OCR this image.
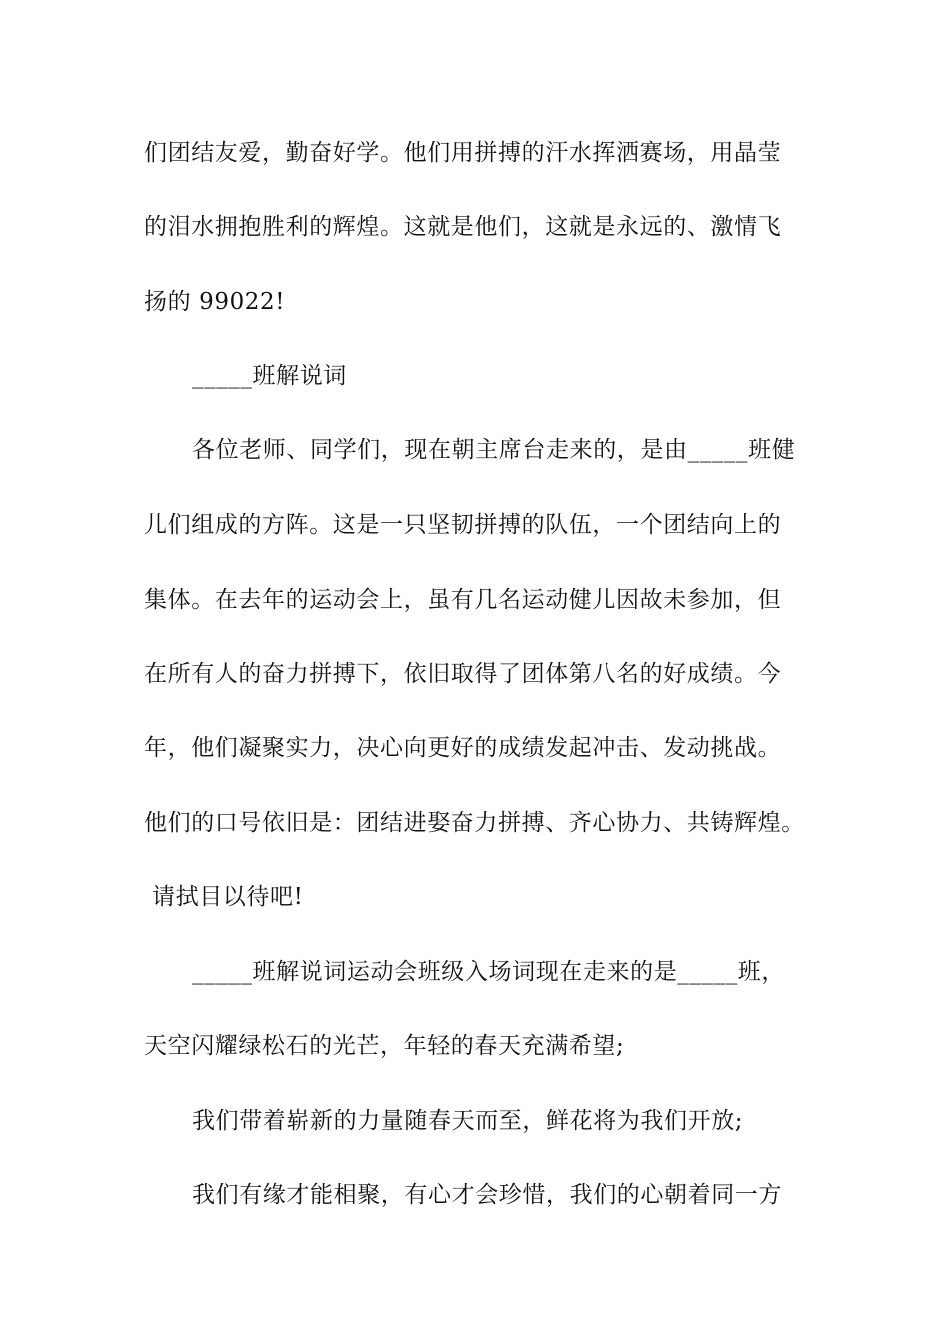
们团结友爱，勤奋好学。他们用拼搏的汗水挥洒赛场，用晶莹
的泪水拥抱胜利的辉煌。这就是他们，这就是永远的、激情飞
扬的 99022!
_____班解说词
各位老师、同学们，现在朝主席台走来的，是由_____班健
儿们组成的方阵。这是一只坚韧拼搏的队伍，一个团结向上的
集体。在去年的运动会上，虽有几名运动健儿因故未参加，但
在所有人的奋力拼搏下，依旧取得了团体第八名的好成绩。今
年，他们凝聚实力，决心向更好的成绩发起冲击、发动挑战。
他们的口号依旧是：团结进娶奋力拼搏、齐心协力、共铸辉煌。
请拭目以待吧!
_____班解说词运动会班级入场词现在走来的是_____班，
天空闪耀绿松石的光芒，年轻的春天充满希望;
我们带着崭新的力量随春天而至，鲜花将为我们开放;
我们有缘才能相聚，有心才会珍惜，我们的心朝着同一方
